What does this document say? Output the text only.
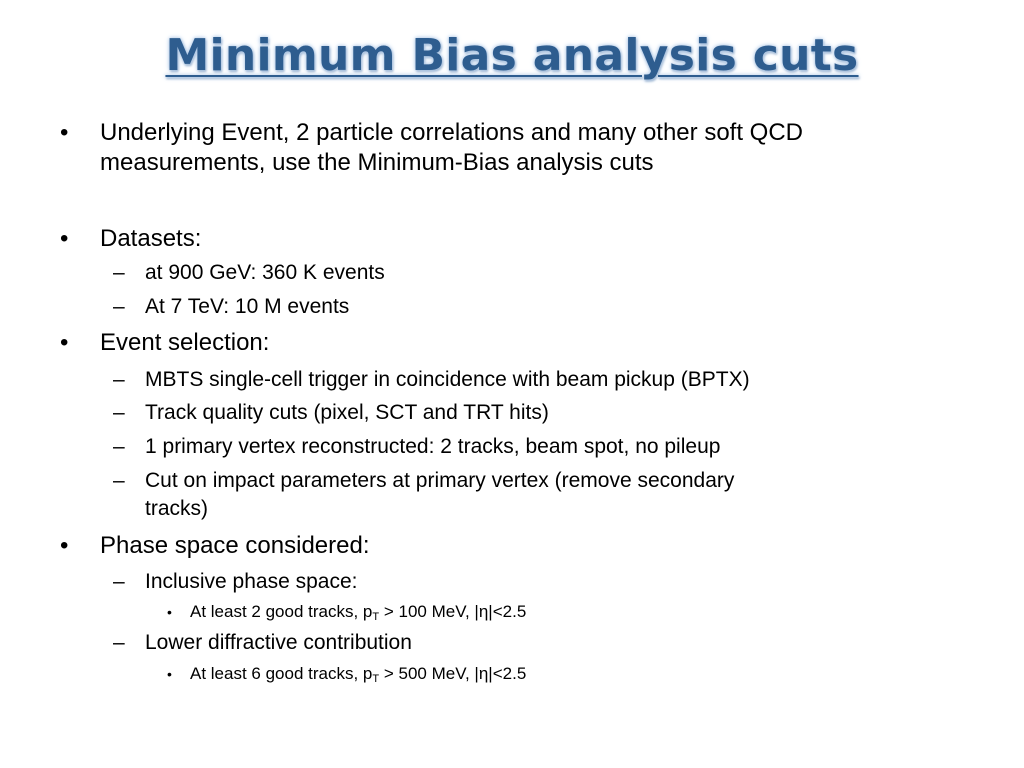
Minimum Bias analysis cuts
• Underlying Event, 2 particle correlations and many other soft QCD
measurements, use the Minimum-Bias analysis cuts
• Datasets:
– at 900 GeV: 360 K events
– At 7 TeV: 10 M events
• Event selection:
– MBTS single-cell trigger in coincidence with beam pickup (BPTX)
– Track quality cuts (pixel, SCT and TRT hits)
– 1 primary vertex reconstructed: 2 tracks, beam spot, no pileup
– Cut on impact parameters at primary vertex (remove secondary
tracks)
• Phase space considered:
– Inclusive phase space:
• At least 2 good tracks, $p_T > 100$ MeV, |η|<2.5
– Lower diffractive contribution
• At least 6 good tracks, $p_T > 500$ MeV, |η|<2.5
